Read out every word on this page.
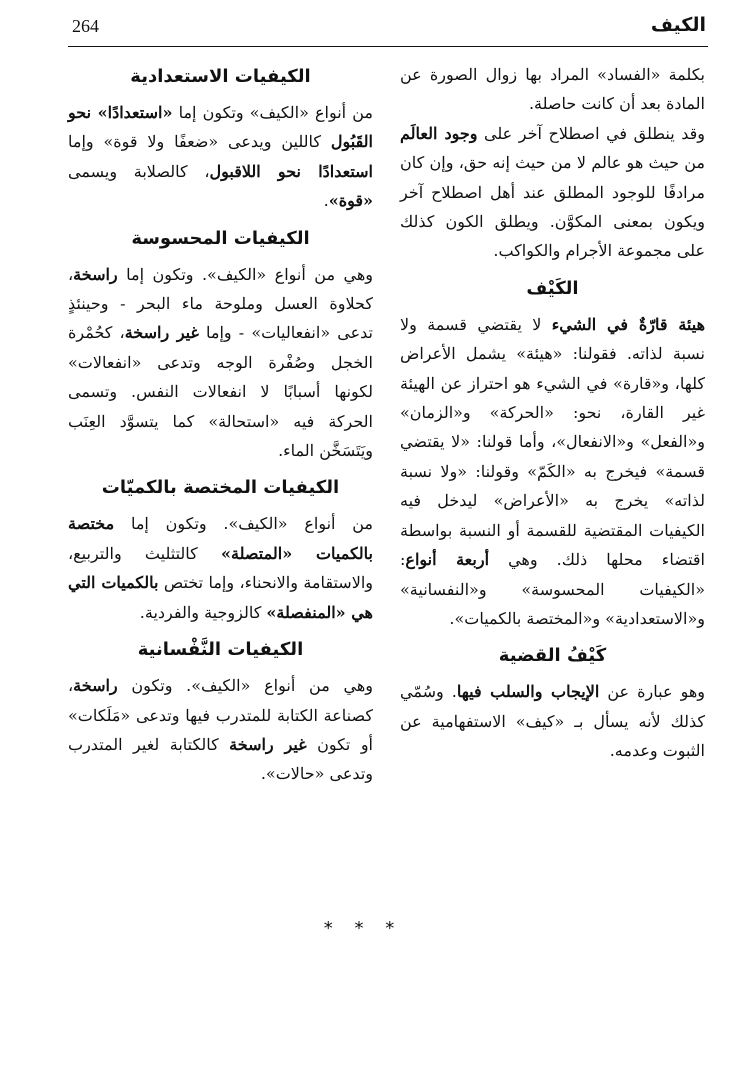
264	الكيف

بكلمة «الفساد» المراد بها زوال الصورة عن المادة بعد أن كانت حاصلة.

وقد ينطلق في اصطلاح آخر على وجود العالَم من حيث هو عالم لا من حيث إنه حق، وإن كان مرادفًا للوجود المطلق عند أهل اصطلاح آخر ويكون بمعنى المكوَّن. ويطلق الكون كذلك على مجموعة الأجرام والكواكب.

الكَيْف

هيئة قارّةٌ في الشيء لا يقتضي قسمة ولا نسبة لذاته. فقولنا: «هيئة» يشمل الأعراض كلها، و«قارة» في الشيء هو احتراز عن الهيئة غير القارة، نحو: «الحركة» و«الزمان» و«الفعل» و«الانفعال»، وأما قولنا: «لا يقتضي قسمة» فيخرج به «الكَمّ» وقولنا: «ولا نسبة لذاته» يخرج به «الأعراض» ليدخل فيه الكيفيات المقتضية للقسمة أو النسبة بواسطة اقتضاء محلها ذلك. وهي أربعة أنواع: «الكيفيات المحسوسة» و«النفسانية» و«الاستعدادية» و«المختصة بالكميات».

كَيْفُ القضية

وهو عبارة عن الإيجاب والسلب فيها. وسُمّي كذلك لأنه يسأل بـ «كيف» الاستفهامية عن الثبوت وعدمه.

الكيفيات الاستعدادية

من أنواع «الكيف» وتكون إما «استعدادًا» نحو القَبُول كاللين ويدعى «ضعفًا ولا قوة» وإما استعدادًا نحو اللاقبول، كالصلابة ويسمى «قوة».

الكيفيات المحسوسة

وهي من أنواع «الكيف». وتكون إما راسخة، كحلاوة العسل وملوحة ماء البحر - وحينئذٍ تدعى «انفعاليات» - وإما غير راسخة، كحُمْرة الخجل وصُفْرة الوجه وتدعى «انفعالات» لكونها أسبابًا لا انفعالات النفس. وتسمى الحركة فيه «استحالة» كما يتسوَّد العِنَب ويَتَسَخَّن الماء.

الكيفيات المختصة بالكميّات

من أنواع «الكيف». وتكون إما مختصة بالكميات «المتصلة» كالتثليث والتربيع، والاستقامة والانحناء، وإما تختص بالكميات التي هي «المنفصلة» كالزوجية والفردية.

الكيفيات النَّفْسانية

وهي من أنواع «الكيف». وتكون راسخة، كصناعة الكتابة للمتدرب فيها وتدعى «مَلَكات» أو تكون غير راسخة كالكتابة لغير المتدرب وتدعى «حالات».

* * *
